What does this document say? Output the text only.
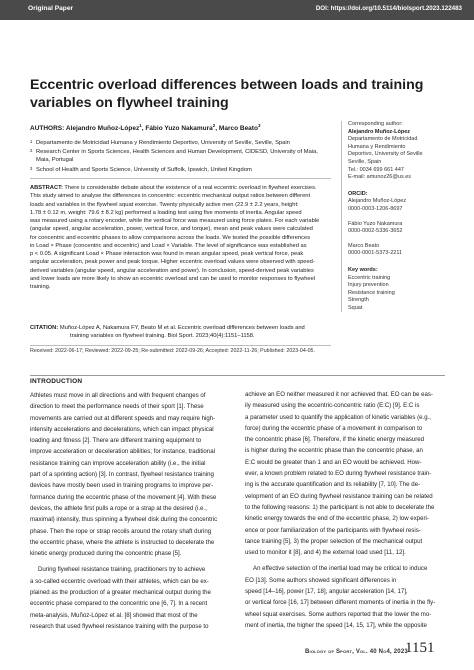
Original Paper	DOI: https://doi.org/10.5114/biolsport.2023.122483
Eccentric overload differences between loads and training
variables on flywheel training
AUTHORS: Alejandro Muñoz-López$^1$, Fábio Yuzo Nakamura$^2$, Marco Beato$^3$
1 Departamento de Motricidad Humana y Rendimiento Deportivo, University of Seville, Seville, Spain
2 Research Center in Sports Sciences, Health Sciences and Human Development, CIDESD, University of Maia,
Maia, Portugal
3 School of Health and Sports Science, University of Suffolk, Ipswich, United Kingdom
ABSTRACT: There is considerable debate about the existence of a real eccentric overload in flywheel exercises.
This study aimed to analyse the differences in concentric: eccentric mechanical output ratios between different
loads and variables in the flywheel squat exercise. Twenty physically active men (22.9 ± 2.2 years, height:
1.78 ± 0.12 m, weight: 79.6 ± 8.2 kg) performed a loading test using five moments of inertia. Angular speed
was measured using a rotary encoder, while the vertical force was measured using force plates. For each variable
(angular speed, angular acceleration, power, vertical force, and torque), mean and peak values were calculated
for concentric and eccentric phases to allow comparisons across the loads. We tested the possible differences
in Load × Phase (concentric and eccentric) and Load × Variable. The level of significance was established as
p < 0.05. A significant Load × Phase interaction was found in mean angular speed, peak vertical force, peak
angular acceleration, peak power and peak torque. Higher eccentric overload values were observed with speed-
derived variables (angular speed, angular acceleration and power). In conclusion, speed-derived peak variables
and lower loads are more likely to show an eccentric overload and can be used to monitor responses to flywheel
training.
CITATION: Muñoz-López A, Nakamura FY, Beato M et al. Eccentric overload differences between loads and
training variables on flywheel training. Biol Sport. 2023;40(4):1151–1158.
Received: 2022-06-17; Reviewed: 2022-09-25; Re-submitted: 2022-09-26; Accepted: 2022-11-26; Published: 2023-04-05.
Corresponding author:
Alejandro Muñoz-López
Departamento de Motricidad
Humana y Rendimiento
Deportivo, University of Seville
Seville, Spain
Tel.: 0034 699 661 447
E-mail: amunoz26@us.es
ORCID:
Alejandro Muñoz-López
0000-0003-1206-8697
Fábio Yuzo Nakamura
0000-0002-5336-3652
Marco Beato
0000-0001-5373-2211
Key words:
Eccentric training
Injury prevention
Resistance training
Strength
Squat
INTRODUCTION
Athletes must move in all directions and with frequent changes of
direction to meet the performance needs of their sport [1]. These
movements are carried out at different speeds and may require high-
intensity accelerations and decelerations, which can impact physical
loading and fitness [2]. There are different training equipment to
improve acceleration or deceleration abilities; for instance, traditional
resistance training can improve acceleration ability (i.e., the initial
part of a sprinting action) [3]. In contrast, flywheel resistance training
devices have mostly been used in training programs to improve per-
formance during the eccentric phase of the movement [4]. With these
devices, the athlete first pulls a rope or a strap at the desired (i.e.,
maximal) intensity, thus spinning a flywheel disk during the concentric
phase. Then the rope or strap recoils around the rotary shaft during
the eccentric phase, where the athlete is instructed to decelerate the
kinetic energy produced during the concentric phase [5].
During flywheel resistance training, practitioners try to achieve
a so-called eccentric overload with their athletes, which can be ex-
plained as the production of a greater mechanical output during the
eccentric phase compared to the concentric one [6, 7]. In a recent
meta-analysis, Muñoz-López et al. [8] showed that most of the
research that used flywheel resistance training with the purpose to
achieve an EO neither measured it nor achieved that. EO can be eas-
ily measured using the eccentric-concentric ratio (E:C) [9]. E:C is
a parameter used to quantify the application of kinetic variables (e.g.,
force) during the eccentric phase of a movement in comparison to
the concentric phase [6]. Therefore, if the kinetic energy measured
is higher during the eccentric phase than the concentric phase, an
E:C would be greater than 1 and an EO would be achieved. How-
ever, a known problem related to EO during flywheel resistance train-
ing is the accurate quantification and its reliability [7, 10]. The de-
velopment of an EO during flywheel resistance training can be related
to the following reasons: 1) the participant is not able to decelerate the
kinetic energy towards the end of the eccentric phase, 2) low experi-
ence or poor familiarization of the participants with flywheel resis-
tance training [5], 3) the proper selection of the mechanical output
used to monitor it [8], and 4) the external load used [11, 12].
An effective selection of the inertial load may be critical to induce
EO [13]. Some authors showed significant differences in
speed [14–16], power [17, 18], angular acceleration [14, 17],
or vertical force [16, 17] between different moments of inertia in the fly-
wheel squat exercises. Some authors reported that the lower the mo-
ment of inertia, the higher the speed [14, 15, 17], while the opposite
Biology of Sport, Vol. 40 No4, 2023
1151
